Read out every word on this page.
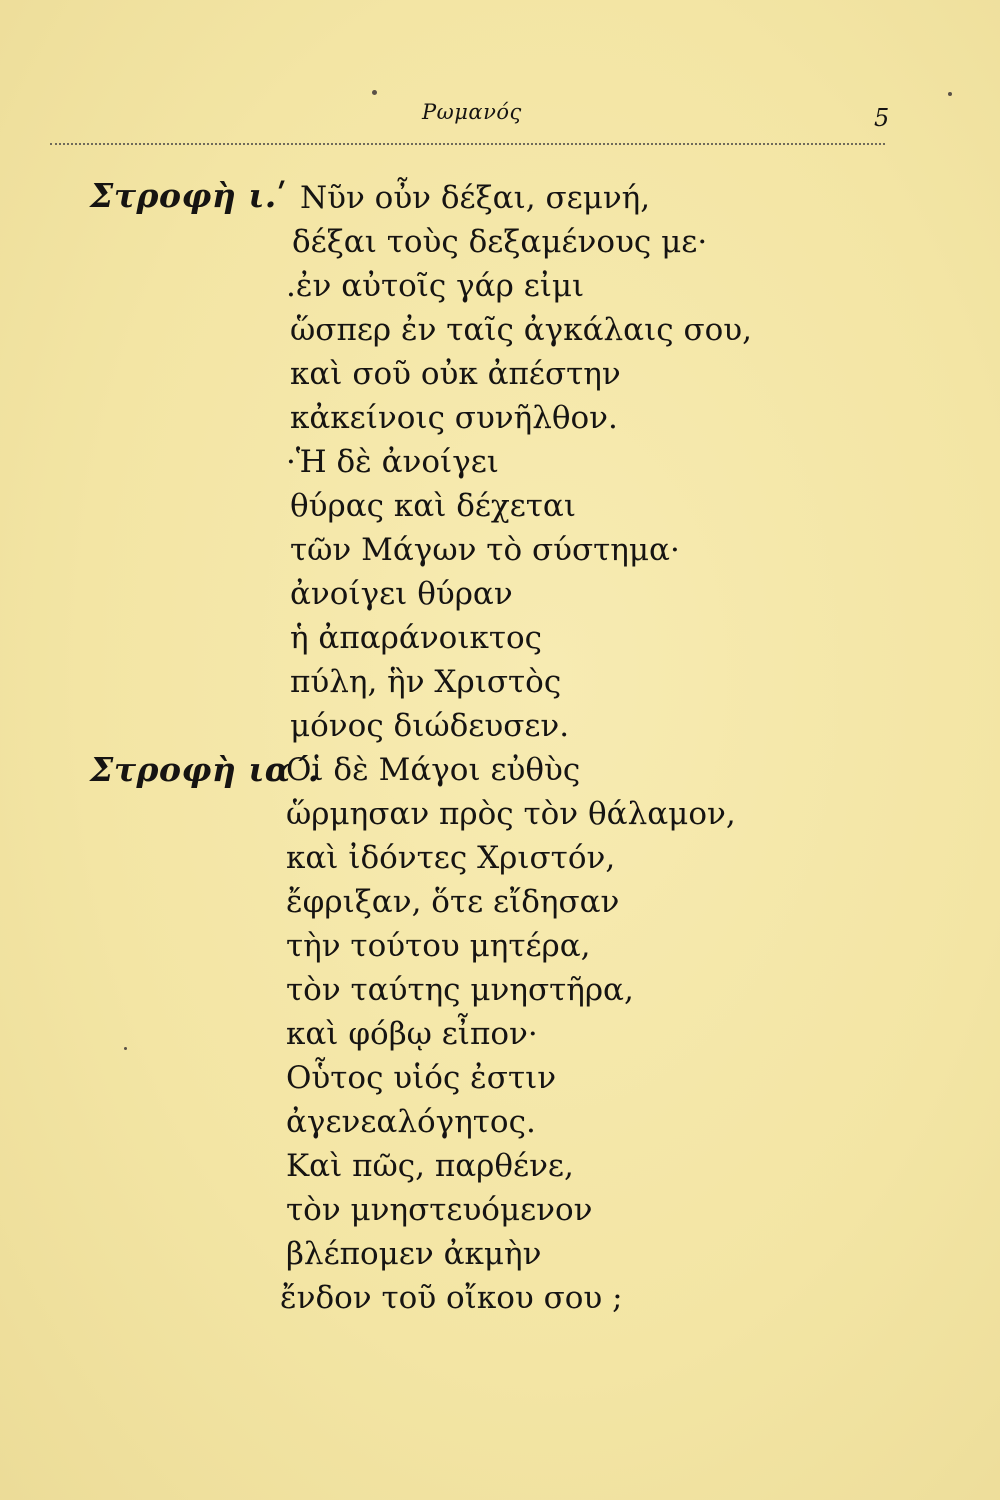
Ρωμανός	5
Στροφὴ ι.ʹ Νῦν οὖν δέξαι, σεμνή,
δέξαι τοὺς δεξαμένους με·
.ἐν αὐτοῖς γάρ εἰμι
ὥσπερ ἐν ταῖς ἀγκάλαις σου,
καὶ σοῦ οὐκ ἀπέστην
κἀκείνοις συνῆλθον.
·Ἡ δὲ ἀνοίγει
θύρας καὶ δέχεται
τῶν Μάγων τὸ σύστημα·
ἀνοίγει θύραν
ἡ ἀπαράνοικτος
πύλη, ἣν Χριστὸς
μόνος διώδευσεν.
Στροφὴ ια΄.
Οἱ δὲ Μάγοι εὐθὺς
ὥρμησαν πρὸς τὸν θάλαμον,
καὶ ἰδόντες Χριστόν,
ἔφριξαν, ὅτε εἴδησαν
τὴν τούτου μητέρα,
τὸν ταύτης μνηστῆρα,
καὶ φόβῳ εἶπον·
Οὗτος υἱός ἐστιν
ἀγενεαλόγητος.
Καὶ πῶς, παρθένε,
τὸν μνηστευόμενον
βλέπομεν ἀκμὴν
ἔνδον τοῦ οἴκου σου ;
